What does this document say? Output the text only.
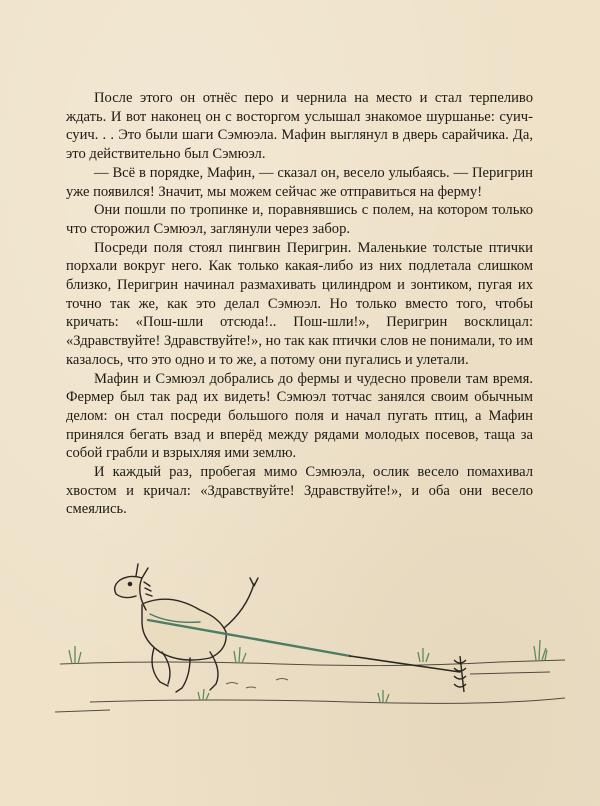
После этого он отнёс перо и чернила на место и стал терпеливо ждать. И вот наконец он с восторгом услышал знакомое шуршанье: суич-суич. . . Это были шаги Сэмюэла. Мафин выглянул в дверь сарайчика. Да, это действительно был Сэмюэл.

— Всё в порядке, Мафин, — сказал он, весело улыбаясь. — Перигрин уже появился! Значит, мы можем сейчас же отправиться на ферму!

Они пошли по тропинке и, поравнявшись с полем, на котором только что сторожил Сэмюэл, заглянули через забор.

Посреди поля стоял пингвин Перигрин. Маленькие толстые птички порхали вокруг него. Как только какая-либо из них подлетала слишком близко, Перигрин начинал размахивать цилиндром и зонтиком, пугая их точно так же, как это делал Сэмюэл. Но только вместо того, чтобы кричать: «Пош-шли отсюда!.. Пош-шли!», Перигрин восклицал: «Здравствуйте! Здравствуйте!», но так как птички слов не понимали, то им казалось, что это одно и то же, а потому они пугались и улетали.

Мафин и Сэмюэл добрались до фермы и чудесно провели там время. Фермер был так рад их видеть! Сэмюэл тотчас занялся своим обычным делом: он стал посреди большого поля и начал пугать птиц, а Мафин принялся бегать взад и вперёд между рядами молодых посевов, таща за собой грабли и взрыхляя ими землю.

И каждый раз, пробегая мимо Сэмюэла, ослик весело помахивал хвостом и кричал: «Здравствуйте! Здравствуйте!», и оба они весело смеялись.
